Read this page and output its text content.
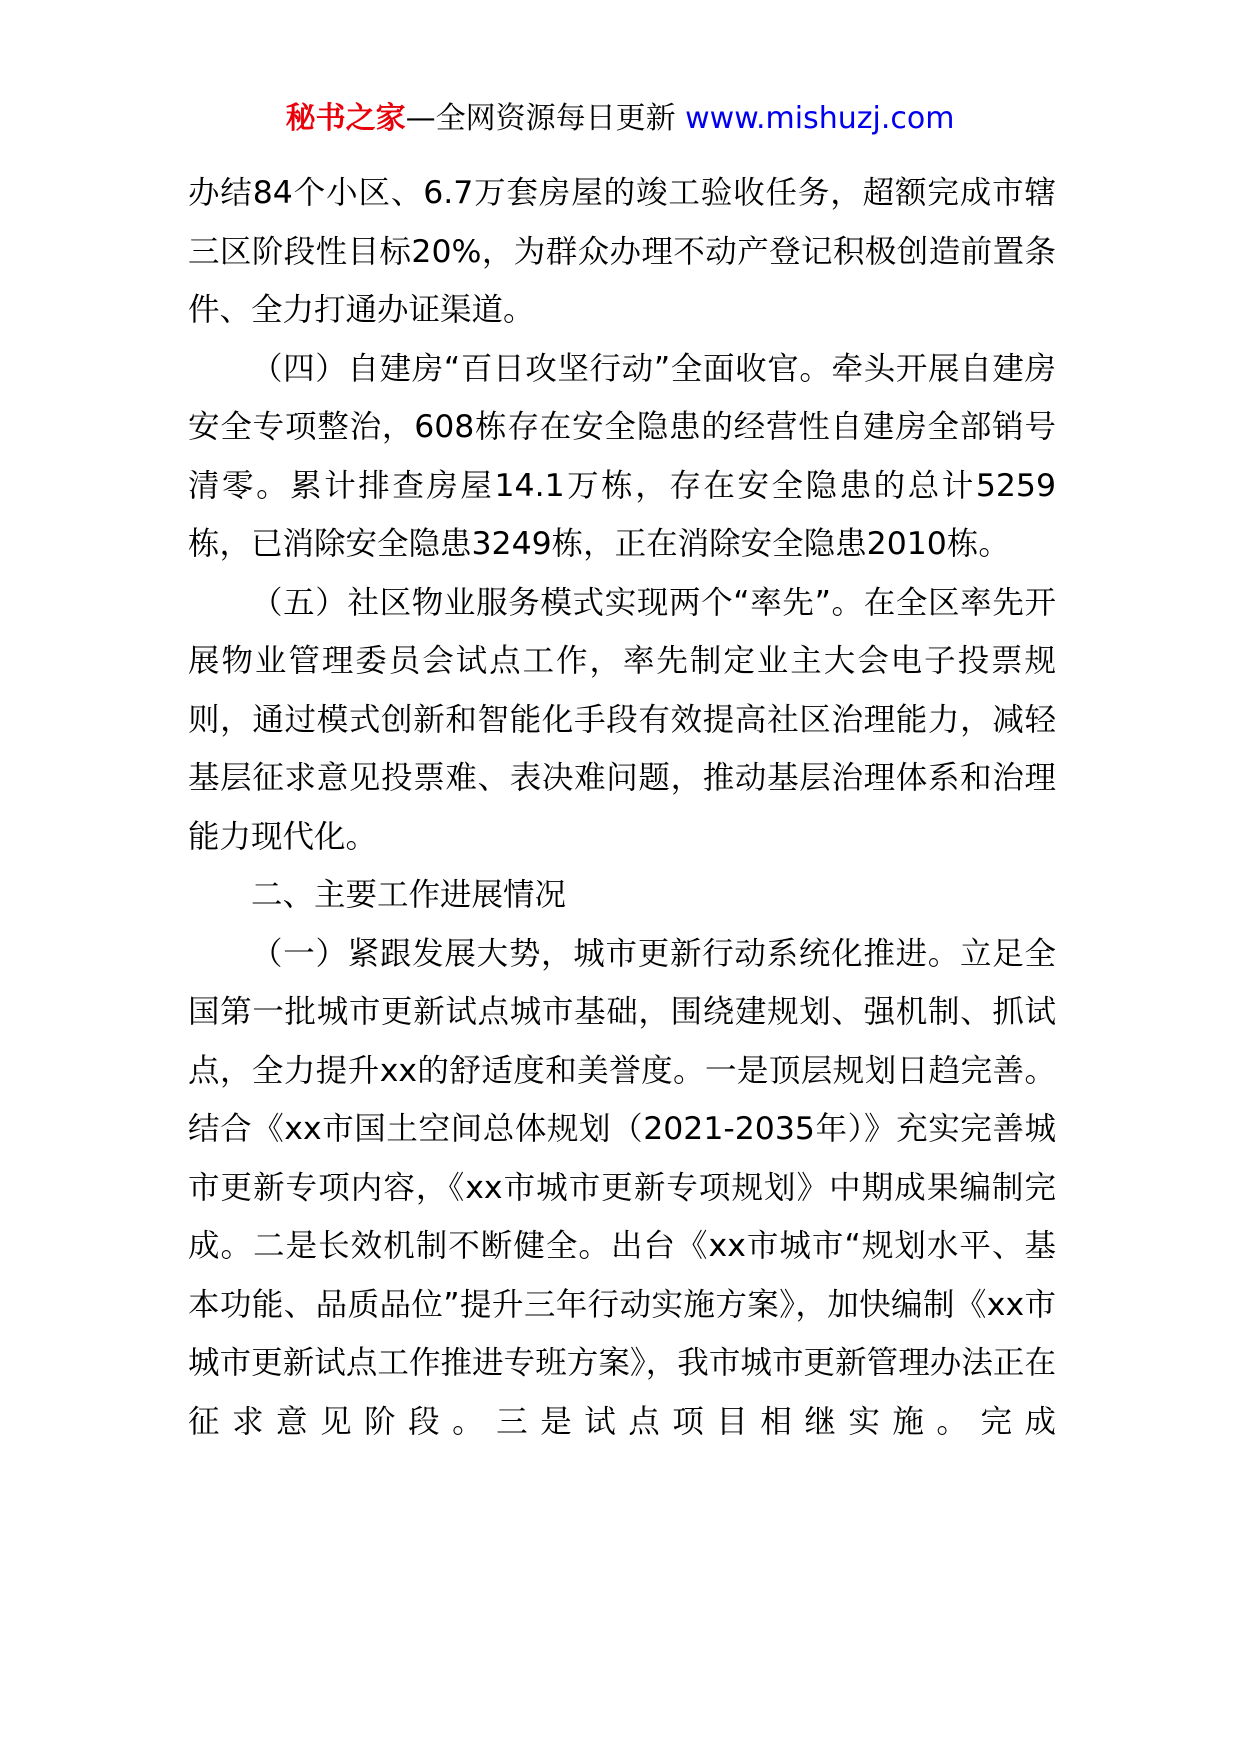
秘书之家—全网资源每日更新 www.mishuzj.com

办结84个小区、6.7万套房屋的竣工验收任务，超额完成市辖三区阶段性目标20%，为群众办理不动产登记积极创造前置条件、全力打通办证渠道。

（四）自建房“百日攻坚行动”全面收官。牵头开展自建房安全专项整治，608栋存在安全隐患的经营性自建房全部销号清零。累计排查房屋14.1万栋，存在安全隐患的总计5259栋，已消除安全隐患3249栋，正在消除安全隐患2010栋。

（五）社区物业服务模式实现两个“率先”。在全区率先开展物业管理委员会试点工作，率先制定业主大会电子投票规则，通过模式创新和智能化手段有效提高社区治理能力，减轻基层征求意见投票难、表决难问题，推动基层治理体系和治理能力现代化。

二、主要工作进展情况

（一）紧跟发展大势，城市更新行动系统化推进。立足全国第一批城市更新试点城市基础，围绕建规划、强机制、抓试点，全力提升xx的舒适度和美誉度。一是顶层规划日趋完善。结合《xx市国土空间总体规划（2021-2035年）》充实完善城市更新专项内容，《xx市城市更新专项规划》中期成果编制完成。二是长效机制不断健全。出台《xx市城市“规划水平、基本功能、品质品位”提升三年行动实施方案》，加快编制《xx市城市更新试点工作推进专班方案》，我市城市更新管理办法正在征求意见阶段。三是试点项目相继实施。完成
